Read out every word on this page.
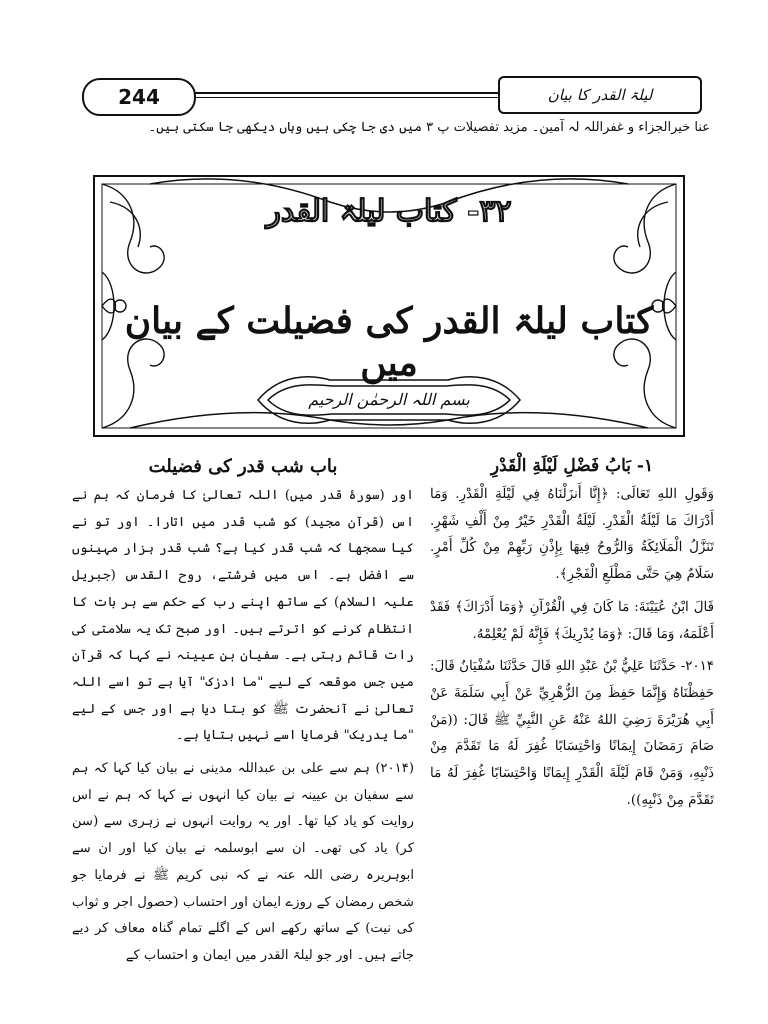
244	لیلۃ القدر کا بیان
عنا خیرالجزاء و غفراللہ لہ آمین۔ مزید تفصیلات پ ۳ میں دی جا چکی ہیں وہاں دیکھی جا سکتی ہیں۔
۳۲- کتاب لیلۃ القدر
کتاب لیلۃ القدر کی فضیلت کے بیان میں
بسم اللہ الرحمٰن الرحیم
۱- بَابُ فَضْلِ لَيْلَةِ الْقَدْرِ

وَقَولِ اللهِ تَعَالَى: ﴿إِنَّا أَنزَلْنَاهُ فِي لَيْلَةِ الْقَدْرِ. وَمَا أَدْرَاكَ مَا لَيْلَةُ الْقَدْرِ. لَيْلَةُ الْقَدْرِ خَيْرٌ مِنْ أَلْفِ شَهْرٍ. تَنَزَّلُ الْمَلَائِكَةُ وَالرُّوحُ فِيهَا بِإِذْنِ رَبِّهِمْ مِنْ كُلِّ أَمْرٍ. سَلَامٌ هِيَ حَتَّى مَطْلَعِ الْفَجْرِ﴾.

قَالَ ابْنُ عُيَيْنَةَ: مَا كَانَ فِي الْقُرْآنِ ﴿وَمَا أَدْرَاكَ﴾ فَقَدْ أَعْلَمَهُ، وَمَا قَالَ: ﴿وَمَا يُدْرِيكَ﴾ فَإِنَّهُ لَمْ يُعْلِمْهُ.

۲۰۱۴- حَدَّثَنَا عَلِيُّ بْنُ عَبْدِ اللهِ قَالَ حَدَّثَنَا سُفْيَانُ قَالَ: حَفِظْنَاهُ وَإِنَّمَا حَفِظَ مِنَ الزُّهْرِيِّ عَنْ أَبِي سَلَمَةَ عَنْ أَبِي هُرَيْرَةَ رَضِيَ اللهُ عَنْهُ عَنِ النَّبِيِّ ﷺ قَالَ: ((مَنْ صَامَ رَمَضَانَ إِيمَانًا وَاحْتِسَابًا غُفِرَ لَهُ مَا تَقَدَّمَ مِنْ ذَنْبِهِ، وَمَنْ قَامَ لَيْلَةَ الْقَدْرِ إِيمَانًا وَاحْتِسَابًا غُفِرَ لَهُ مَا تَقَدَّمَ مِنْ ذَنْبِهِ)).

باب شب قدر کی فضیلت

اور (سورۂ قدر میں) اللہ تعالیٰ کا فرمان کہ ہم نے اس (قرآن مجید) کو شب قدر میں اتارا۔ اور تو نے کیا سمجھا کہ شب قدر کیا ہے؟ شب قدر ہزار مہینوں سے افضل ہے۔ اس میں فرشتے، روح القدس (جبریل علیہ السلام) کے ساتھ اپنے رب کے حکم سے ہر بات کا انتظام کرنے کو اترتے ہیں۔ اور صبح تک یہ سلامتی کی رات قائم رہتی ہے۔ سفیان بن عیینہ نے کہا کہ قرآن میں جس موقعہ کے لیے "ما ادرٰک" آیا ہے تو اسے اللہ تعالیٰ نے آنحضرت ﷺ کو بتا دیا ہے اور جس کے لیے "ما یدریک" فرمایا اسے نہیں بتایا ہے۔

(۲۰۱۴) ہم سے علی بن عبداللہ مدینی نے بیان کیا کہا کہ ہم سے سفیان بن عیینہ نے بیان کیا انہوں نے کہا کہ ہم نے اس روایت کو یاد کیا تھا۔ اور یہ روایت انہوں نے زہری سے (سن کر) یاد کی تھی۔ ان سے ابوسلمہ نے بیان کیا اور ان سے ابوہریرہ رضی اللہ عنہ نے کہ نبی کریم ﷺ نے فرمایا جو شخص رمضان کے روزے ایمان اور احتساب (حصول اجر و ثواب کی نیت) کے ساتھ رکھے اس کے اگلے تمام گناہ معاف کر دیے جاتے ہیں۔ اور جو لیلۃ القدر میں ایمان و احتساب کے
